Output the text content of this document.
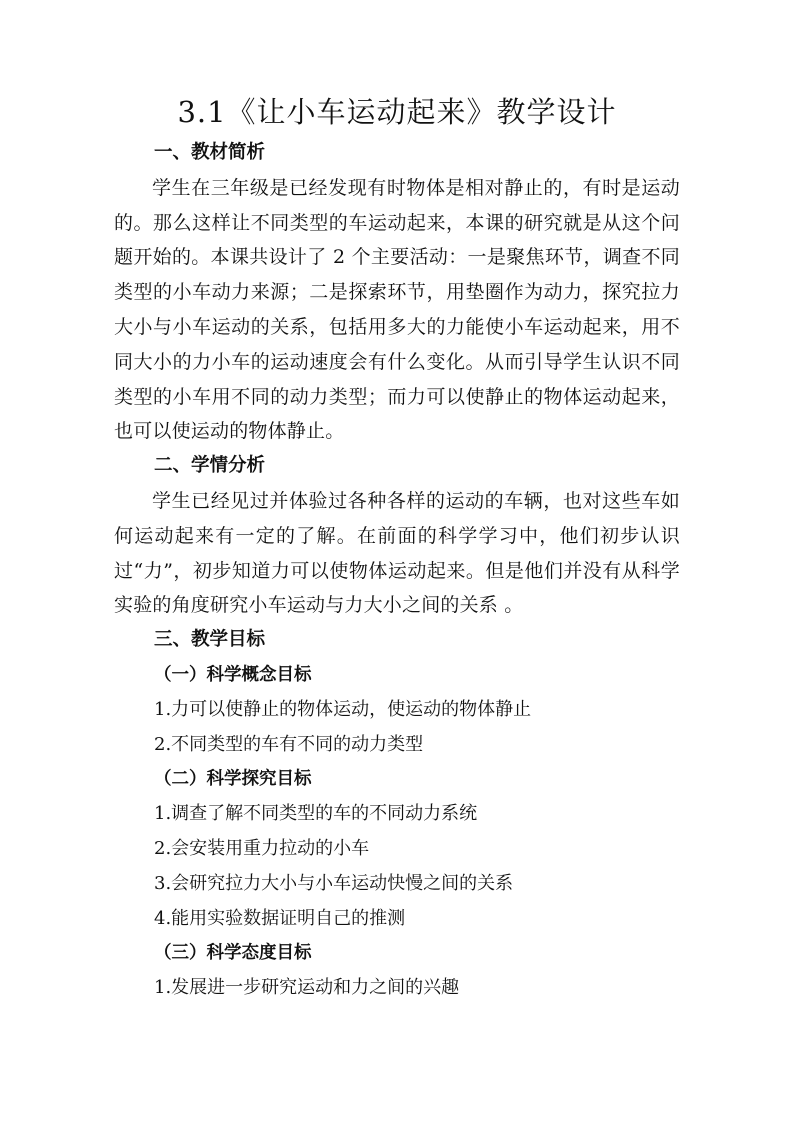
3.1《让小车运动起来》教学设计
一、教材简析

学生在三年级是已经发现有时物体是相对静止的，有时是运动的。那么这样让不同类型的车运动起来，本课的研究就是从这个问题开始的。本课共设计了 2 个主要活动：一是聚焦环节，调查不同类型的小车动力来源；二是探索环节，用垫圈作为动力，探究拉力大小与小车运动的关系，包括用多大的力能使小车运动起来，用不同大小的力小车的运动速度会有什么变化。从而引导学生认识不同类型的小车用不同的动力类型；而力可以使静止的物体运动起来，也可以使运动的物体静止。

二、学情分析

学生已经见过并体验过各种各样的运动的车辆，也对这些车如何运动起来有一定的了解。在前面的科学学习中，他们初步认识过“力”，初步知道力可以使物体运动起来。但是他们并没有从科学实验的角度研究小车运动与力大小之间的关系 。

三、教学目标
（一）科学概念目标

1.力可以使静止的物体运动，使运动的物体静止

2.不同类型的车有不同的动力类型

（二）科学探究目标

1.调查了解不同类型的车的不同动力系统

2.会安装用重力拉动的小车

3.会研究拉力大小与小车运动快慢之间的关系

4.能用实验数据证明自己的推测

（三）科学态度目标

1.发展进一步研究运动和力之间的兴趣
